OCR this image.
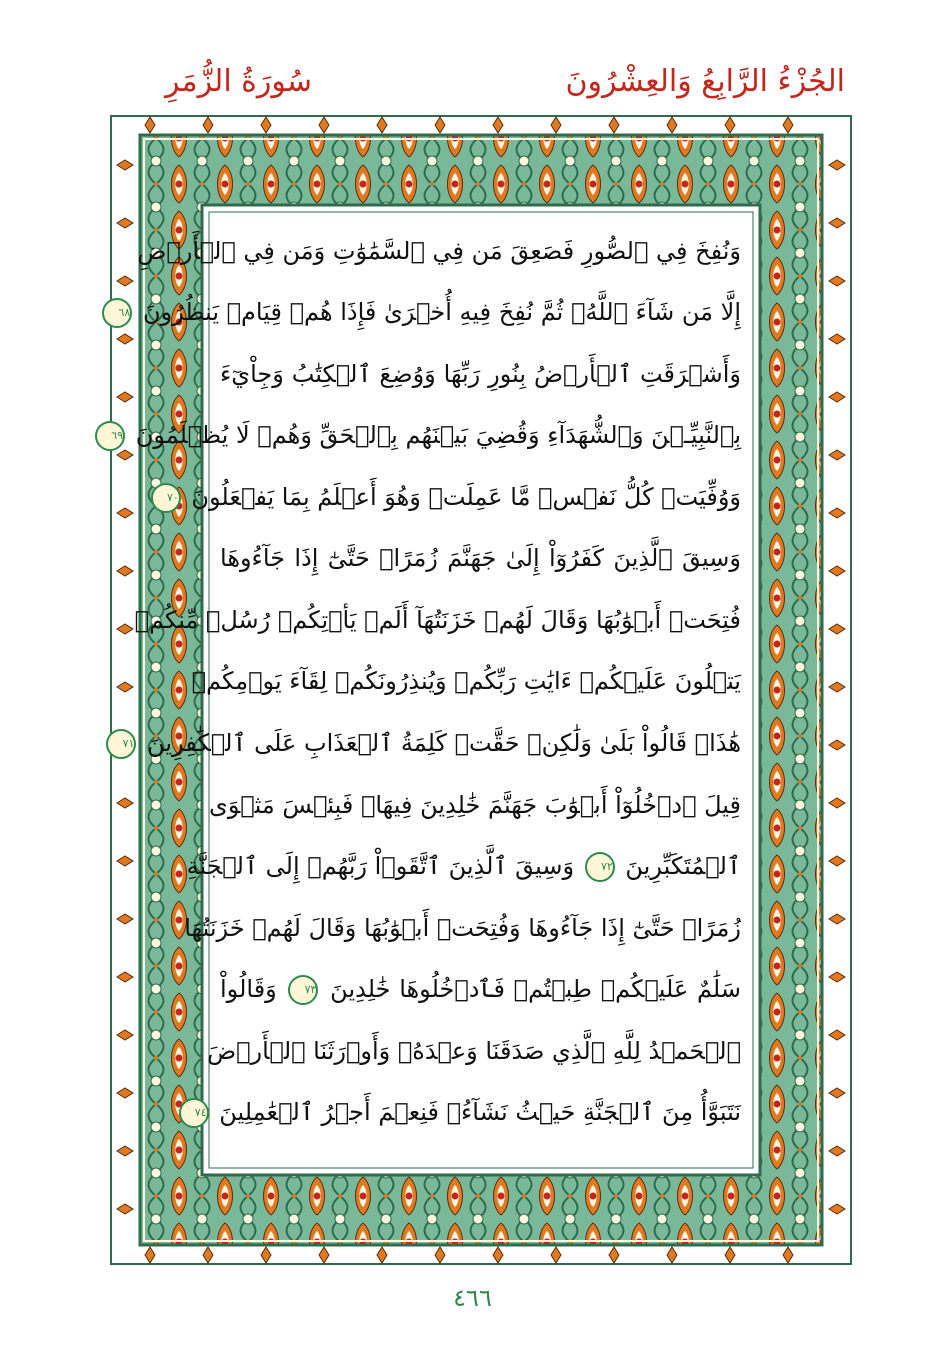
الجُزْءُ الرَّابِعُ وَالعِشْرُونَ
سُورَةُ الزُّمَرِ
وَنُفِخَ فِي ٱلصُّورِ فَصَعِقَ مَن فِي ٱلسَّمَٰوَٰتِ وَمَن فِي ٱلۡأَرۡضِ
إِلَّا مَن شَآءَ ٱللَّهُۖ ثُمَّ نُفِخَ فِيهِ أُخۡرَىٰ فَإِذَا هُمۡ قِيَامٞ يَنظُرُونَ ٦٨
وَأَشۡرَقَتِ ٱلۡأَرۡضُ بِنُورِ رَبِّهَا وَوُضِعَ ٱلۡكِتَٰبُ وَجِاْيٓءَ
بِٱلنَّبِيِّـۧنَ وَٱلشُّهَدَآءِ وَقُضِيَ بَيۡنَهُم بِٱلۡحَقِّ وَهُمۡ لَا يُظۡلَمُونَ ٦٩
وَوُفِّيَتۡ كُلُّ نَفۡسٖ مَّا عَمِلَتۡ وَهُوَ أَعۡلَمُ بِمَا يَفۡعَلُونَ ٧٠
وَسِيقَ ٱلَّذِينَ كَفَرُوٓاْ إِلَىٰ جَهَنَّمَ زُمَرًاۖ حَتَّىٰٓ إِذَا جَآءُوهَا
فُتِحَتۡ أَبۡوَٰبُهَا وَقَالَ لَهُمۡ خَزَنَتُهَآ أَلَمۡ يَأۡتِكُمۡ رُسُلٞ مِّنكُمۡ
يَتۡلُونَ عَلَيۡكُمۡ ءَايَٰتِ رَبِّكُمۡ وَيُنذِرُونَكُمۡ لِقَآءَ يَوۡمِكُمۡ
هَٰذَاۚ قَالُواْ بَلَىٰ وَلَٰكِنۡ حَقَّتۡ كَلِمَةُ ٱلۡعَذَابِ عَلَى ٱلۡكَٰفِرِينَ ٧١
قِيلَ ٱدۡخُلُوٓاْ أَبۡوَٰبَ جَهَنَّمَ خَٰلِدِينَ فِيهَاۖ فَبِئۡسَ مَثۡوَى
ٱلۡمُتَكَبِّرِينَ ٧٢ وَسِيقَ ٱلَّذِينَ ٱتَّقَوۡاْ رَبَّهُمۡ إِلَى ٱلۡجَنَّةِ
زُمَرًاۖ حَتَّىٰٓ إِذَا جَآءُوهَا وَفُتِحَتۡ أَبۡوَٰبُهَا وَقَالَ لَهُمۡ خَزَنَتُهَا
سَلَٰمٌ عَلَيۡكُمۡ طِبۡتُمۡ فَٱدۡخُلُوهَا خَٰلِدِينَ ٧٣ وَقَالُواْ
ٱلۡحَمۡدُ لِلَّهِ ٱلَّذِي صَدَقَنَا وَعۡدَهُۥ وَأَوۡرَثَنَا ٱلۡأَرۡضَ
نَتَبَوَّأُ مِنَ ٱلۡجَنَّةِ حَيۡثُ نَشَآءُۖ فَنِعۡمَ أَجۡرُ ٱلۡعَٰمِلِينَ ٧٤
٤٦٦
